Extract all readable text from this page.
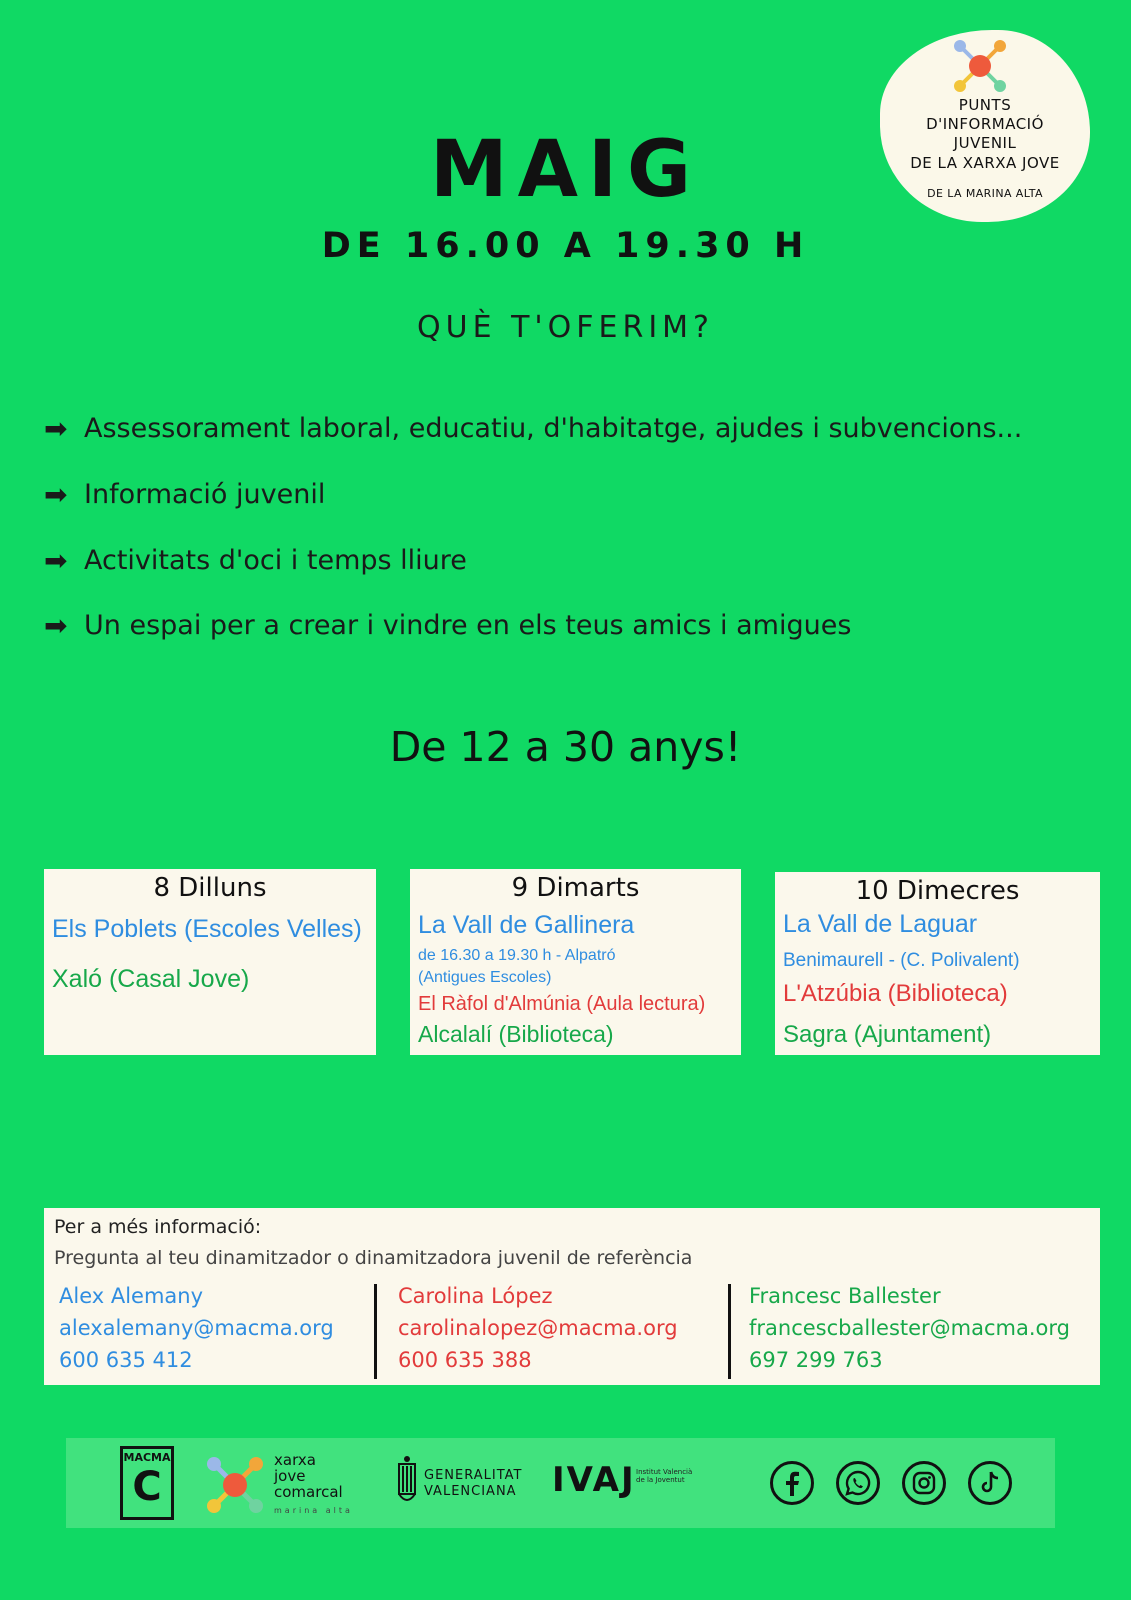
PUNTS
D'INFORMACIÓ
JUVENIL
DE LA XARXA JOVE
DE LA MARINA ALTA
MAIG
DE 16.00 A 19.30 H
QUÈ T'OFERIM?
➡ Assessorament laboral, educatiu, d'habitatge, ajudes i subvencions...
➡ Informació juvenil
➡ Activitats d'oci i temps lliure
➡ Un espai per a crear i vindre en els teus amics i amigues
De 12 a 30 anys!
8 Dilluns
Els Poblets (Escoles Velles)
Xaló (Casal Jove)
9 Dimarts
La Vall de Gallinera
de 16.30 a 19.30 h - Alpatró
(Antigues Escoles)
El Ràfol d'Almúnia (Aula lectura)
Alcalalí (Biblioteca)
10 Dimecres
La Vall de Laguar
Benimaurell - (C. Polivalent)
L'Atzúbia (Biblioteca)
Sagra (Ajuntament)
Per a més informació:
Pregunta al teu dinamitzador o dinamitzadora juvenil de referència
Alex Alemany
alexalemany@macma.org
600 635 412
Carolina López
carolinalopez@macma.org
600 635 388
Francesc Ballester
francescballester@macma.org
697 299 763
MACMA
C
xarxa
jove
comarcal
marina alta
GENERALITAT
VALENCIANA IVAJ Institut Valencià de la Joventut
